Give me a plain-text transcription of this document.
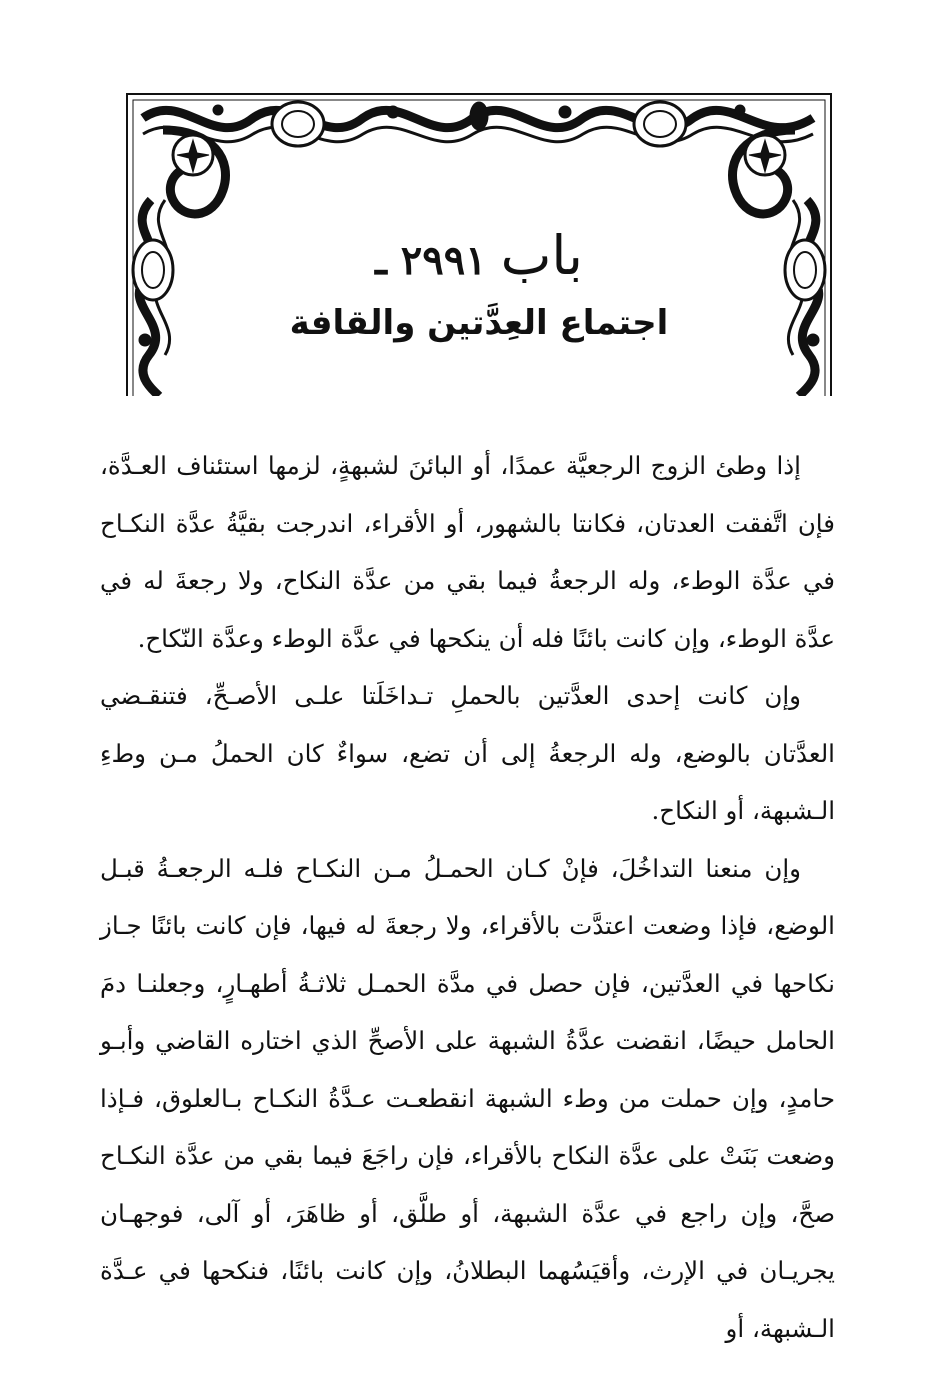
باب ٢٩٩١ ـ
اجتماع العِدَّتين والقافة

إذا وطئ الزوج الرجعيَّة عمدًا، أو البائنَ لشبهةٍ، لزمها استئناف العـدَّة، فإن اتَّفقت العدتان، فكانتا بالشهور، أو الأقراء، اندرجت بقيَّةُ عدَّة النكـاح في عدَّة الوطء، وله الرجعةُ فيما بقي من عدَّة النكاح، ولا رجعةَ له في عدَّة الوطء، وإن كانت بائنًا فله أن ينكحها في عدَّة الوطء وعدَّة النّكاح.

وإن كانت إحدى العدَّتين بالحملِ تـداخَلَتا علـى الأصـحِّ، فتنقـضي العدَّتان بالوضع، وله الرجعةُ إلى أن تضع، سواءٌ كان الحملُ مـن وطءِ الـشبهة، أو النكاح.

وإن منعنا التداخُلَ، فإنْ كـان الحمـلُ مـن النكـاح فلـه الرجعـةُ قبـل الوضع، فإذا وضعت اعتدَّت بالأقراء، ولا رجعةَ له فيها، فإن كانت بائنًا جـاز نكاحها في العدَّتين، فإن حصل في مدَّة الحمـل ثلاثـةُ أطهـارٍ، وجعلنـا دمَ الحامل حيضًا، انقضت عدَّةُ الشبهة على الأصحِّ الذي اختاره القاضي وأبـو حامدٍ، وإن حملت من وطء الشبهة انقطعـت عـدَّةُ النكـاح بـالعلوق، فـإذا وضعت بَنَتْ على عدَّة النكاح بالأقراء، فإن راجَعَ فيما بقي من عدَّة النكـاح صحَّ، وإن راجع في عدَّة الشبهة، أو طلَّق، أو ظاهَرَ، أو آلى، فوجهـان يجريـان في الإرث، وأقيَسُهما البطلانُ، وإن كانت بائنًا، فنكحها في عـدَّة الـشبهة، أو
